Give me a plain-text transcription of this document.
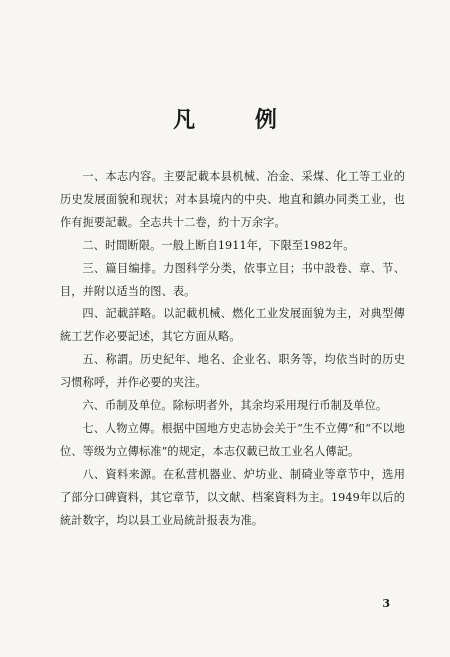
凡 例

一、本志内容。主要記載本县机械、冶金、采煤、化工等工业的历史发展面貌和现状；对本县境内的中央、地直和鎮办同类工业，也作有扼要記載。全志共十二卷，約十万余字。

二、时間断限。一般上断自1911年，下限至1982年。

三、篇目编排。力图科学分类，依事立目；书中設卷、章、节、目，并附以适当的图、表。

四、記載詳略。以記載机械、燃化工业发展面貌为主，对典型傳統工艺作必要記述，其它方面从略。

五、称謂。历史紀年、地名、企业名、职务等，均依当时的历史习惯称呼，并作必要的夹注。

六、币制及单位。除标明者外，其余均采用現行币制及单位。

七、人物立傳。根据中国地方史志协会关于“生不立傳”和“不以地位、等级为立傳标准”的规定，本志仅載已故工业名人傳記。

八、資料来源。在私营机器业、炉坊业、制碕业等章节中，选用了部分口碑資料，其它章节，以文献、档案資料为主。1949年以后的統計数字，均以县工业局統計报表为准。

3
